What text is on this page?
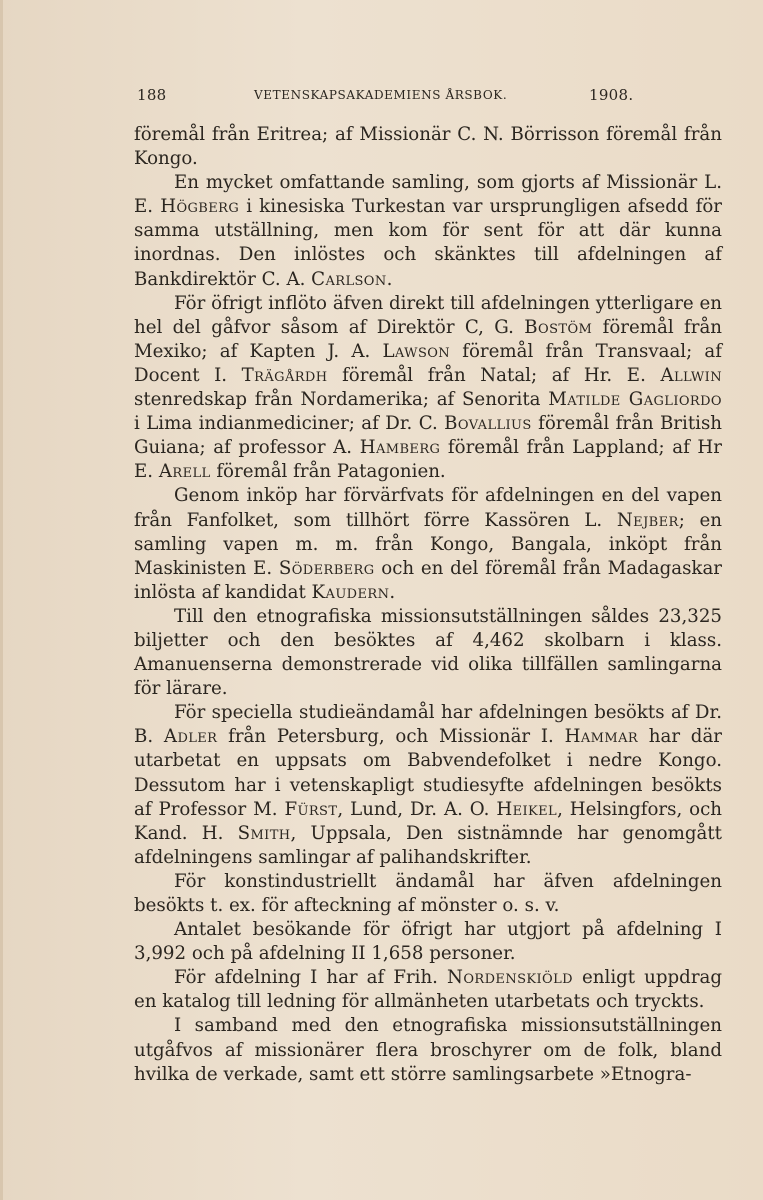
188	VETENSKAPSAKADEMIENS ÅRSBOK.	1908.

föremål från Eritrea; af Missionär C. N. Börrisson föremål från Kongo.

En mycket omfattande samling, som gjorts af Missionär L. E. Högberg i kinesiska Turkestan var ursprungligen afsedd för samma utställning, men kom för sent för att där kunna inordnas. Den inlöstes och skänktes till afdelningen af Bankdirektör C. A. Carlson.

För öfrigt inflöto äfven direkt till afdelningen ytterligare en hel del gåfvor såsom af Direktör C, G. Bostöm föremål från Mexiko; af Kapten J. A. Lawson föremål från Transvaal; af Docent I. Trägårdh föremål från Natal; af Hr. E. Allwin stenredskap från Nordamerika; af Senorita Matilde Gagliordo i Lima indianmediciner; af Dr. C. Bovallius föremål från British Guiana; af professor A. Hamberg föremål från Lappland; af Hr E. Arell föremål från Patagonien.

Genom inköp har förvärfvats för afdelningen en del vapen från Fanfolket, som tillhört förre Kassören L. Nejber; en samling vapen m. m. från Kongo, Bangala, inköpt från Maskinisten E. Söderberg och en del föremål från Madagaskar inlösta af kandidat Kaudern.

Till den etnografiska missionsutställningen såldes 23,325 biljetter och den besöktes af 4,462 skolbarn i klass. Amanuenserna demonstrerade vid olika tillfällen samlingarna för lärare.

För speciella studieändamål har afdelningen besökts af Dr. B. Adler från Petersburg, och Missionär I. Hammar har där utarbetat en uppsats om Babvendefolket i nedre Kongo. Dessutom har i vetenskapligt studiesyfte afdelningen besökts af Professor M. Fürst, Lund, Dr. A. O. Heikel, Helsingfors, och Kand. H. Smith, Uppsala, Den sistnämnde har genomgått afdelningens samlingar af palihandskrifter.

För konstindustriellt ändamål har äfven afdelningen besökts t. ex. för afteckning af mönster o. s. v.

Antalet besökande för öfrigt har utgjort på afdelning I 3,992 och på afdelning II 1,658 personer.

För afdelning I har af Frih. Nordenskiöld enligt uppdrag en katalog till ledning för allmänheten utarbetats och tryckts.

I samband med den etnografiska missionsutställningen utgåfvos af missionärer flera broschyrer om de folk, bland hvilka de verkade, samt ett större samlingsarbete »Etnogra-
